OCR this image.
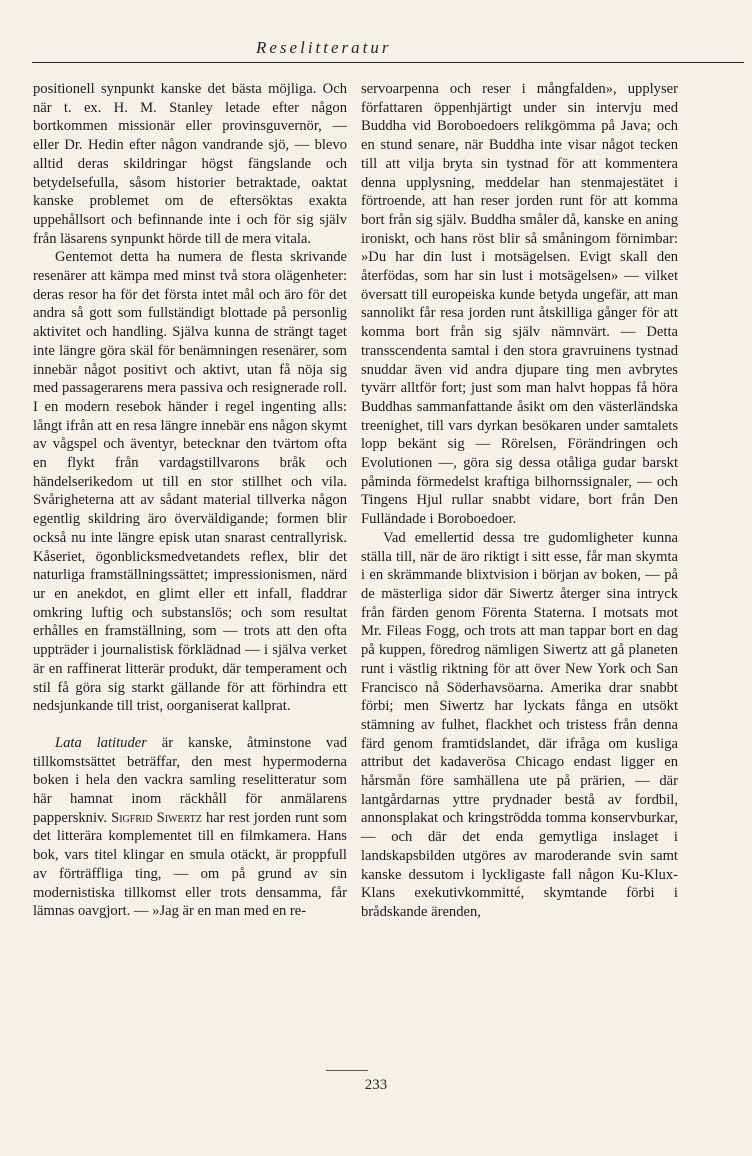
Reselitteratur

positionell synpunkt kanske det bästa möjliga. Och när t. ex. H. M. Stanley letade efter någon bortkommen missionär eller provinsguvernör, — eller Dr. Hedin efter någon vandrande sjö, — blevo alltid deras skildringar högst fängslande och betydelsefulla, såsom historier betraktade, oaktat kanske problemet om de eftersöktas exakta uppehållsort och befinnande inte i och för sig själv från läsarens synpunkt hörde till de mera vitala.

Gentemot detta ha numera de flesta skrivande resenärer att kämpa med minst två stora olägenheter: deras resor ha för det första intet mål och äro för det andra så gott som fullständigt blottade på personlig aktivitet och handling. Själva kunna de strängt taget inte längre göra skäl för benämningen resenärer, som innebär något positivt och aktivt, utan få nöja sig med passagerarens mera passiva och resignerade roll. I en modern resebok händer i regel ingenting alls: långt ifrån att en resa längre innebär ens någon skymt av vågspel och äventyr, betecknar den tvärtom ofta en flykt från vardagstillvarons bråk och händelserikedom ut till en stor stillhet och vila. Svårigheterna att av sådant material tillverka någon egentlig skildring äro överväldigande; formen blir också nu inte längre episk utan snarast centrallyrisk. Kåseriet, ögonblicksmedvetandets reflex, blir det naturliga framställningssättet; impressionismen, närd ur en anekdot, en glimt eller ett infall, fladdrar omkring luftig och substanslös; och som resultat erhålles en framställning, som — trots att den ofta uppträder i journalistisk förklädnad — i själva verket är en raffinerat litterär produkt, där temperament och stil få göra sig starkt gällande för att förhindra ett nedsjunkande till trist, oorganiserat kallprat.

Lata latituder är kanske, åtminstone vad tillkomstsättet beträffar, den mest hypermoderna boken i hela den vackra samling reselitteratur som här hamnat inom räckhåll för anmälarens papperskniv. Sigfrid Siwertz har rest jorden runt som det litterära komplementet till en filmkamera. Hans bok, vars titel klingar en smula otäckt, är proppfull av förträffliga ting, — om på grund av sin modernistiska tillkomst eller trots densamma, får lämnas oavgjort. — »Jag är en man med en re-

servoarpenna och reser i mångfalden», upplyser författaren öppenhjärtigt under sin intervju med Buddha vid Boroboedoers relikgömma på Java; och en stund senare, när Buddha inte visar något tecken till att vilja bryta sin tystnad för att kommentera denna upplysning, meddelar han stenmajestätet i förtroende, att han reser jorden runt för att komma bort från sig själv. Buddha småler då, kanske en aning ironiskt, och hans röst blir så småningom förnimbar: »Du har din lust i motsägelsen. Evigt skall den återfödas, som har sin lust i motsägelsen» — vilket översatt till europeiska kunde betyda ungefär, att man sannolikt får resa jorden runt åtskilliga gånger för att komma bort från sig själv nämnvärt. — Detta transscendenta samtal i den stora gravruinens tystnad snuddar även vid andra djupare ting men avbrytes tyvärr alltför fort; just som man halvt hoppas få höra Buddhas sammanfattande åsikt om den västerländska treenighet, till vars dyrkan besökaren under samtalets lopp bekänt sig — Rörelsen, Förändringen och Evolutionen —, göra sig dessa otåliga gudar barskt påminda förmedelst kraftiga bilhornssignaler, — och Tingens Hjul rullar snabbt vidare, bort från Den Fulländade i Boroboedoer.

Vad emellertid dessa tre gudomligheter kunna ställa till, när de äro riktigt i sitt esse, får man skymta i en skrämmande blixtvision i början av boken, — på de mästerliga sidor där Siwertz återger sina intryck från färden genom Förenta Staterna. I motsats mot Mr. Fileas Fogg, och trots att man tappar bort en dag på kuppen, föredrog nämligen Siwertz att gå planeten runt i västlig riktning för att över New York och San Francisco nå Söderhavsöarna. Amerika drar snabbt förbi; men Siwertz har lyckats fånga en utsökt stämning av fulhet, flackhet och tristess från denna färd genom framtidslandet, där ifråga om kusliga attribut det kadaverösa Chicago endast ligger en hårsmån före samhällena ute på prärien, — där lantgårdarnas yttre prydnader bestå av fordbil, annonsplakat och kringströdda tomma konservburkar, — och där det enda gemytliga inslaget i landskapsbilden utgöres av maroderande svin samt kanske dessutom i lyckligaste fall någon Ku-Klux-Klans exekutivkommitté, skymtande förbi i brådskande ärenden,

233
